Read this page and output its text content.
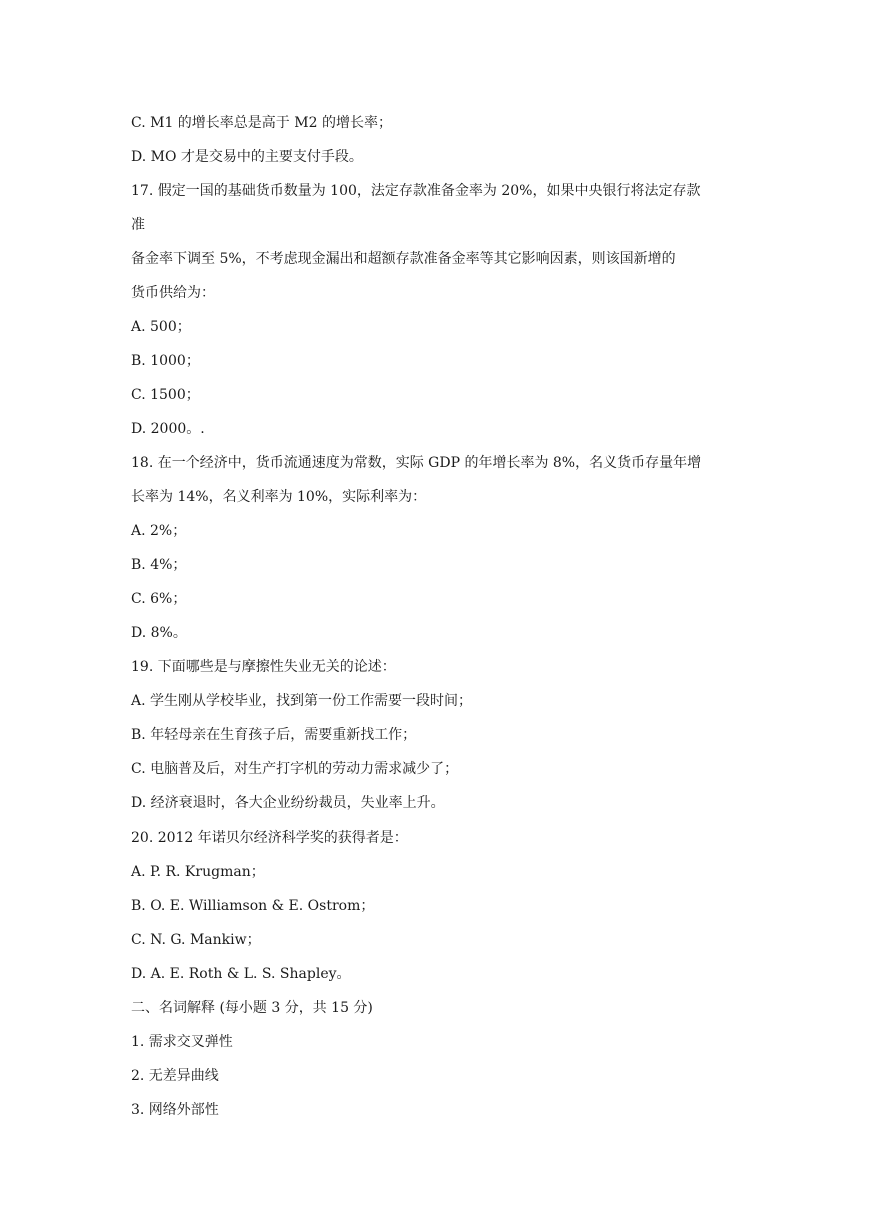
C. M1 的增长率总是高于 M2 的增长率；
D. MO 才是交易中的主要支付手段。
17. 假定一国的基础货币数量为 100，法定存款准备金率为 20%，如果中央银行将法定存款
准
备金率下调至 5%，不考虑现金漏出和超额存款准备金率等其它影响因素，则该国新增的
货币供给为：
A. 500；
B. 1000；
C. 1500；
D. 2000。.
18. 在一个经济中，货币流通速度为常数，实际 GDP 的年增长率为 8%，名义货币存量年增
长率为 14%，名义利率为 10%，实际利率为：
A. 2%；
B. 4%；
C. 6%；
D. 8%。
19. 下面哪些是与摩擦性失业无关的论述：
A. 学生刚从学校毕业，找到第一份工作需要一段时间；
B. 年轻母亲在生育孩子后，需要重新找工作；
C. 电脑普及后，对生产打字机的劳动力需求减少了；
D. 经济衰退时，各大企业纷纷裁员，失业率上升。
20. 2012 年诺贝尔经济科学奖的获得者是：
A. P. R. Krugman；
B. O. E. Williamson & E. Ostrom；
C. N. G. Mankiw；
D. A. E. Roth & L. S. Shapley。
二、名词解释 (每小题 3 分，共 15 分)
1. 需求交叉弹性
2. 无差异曲线
3. 网络外部性
